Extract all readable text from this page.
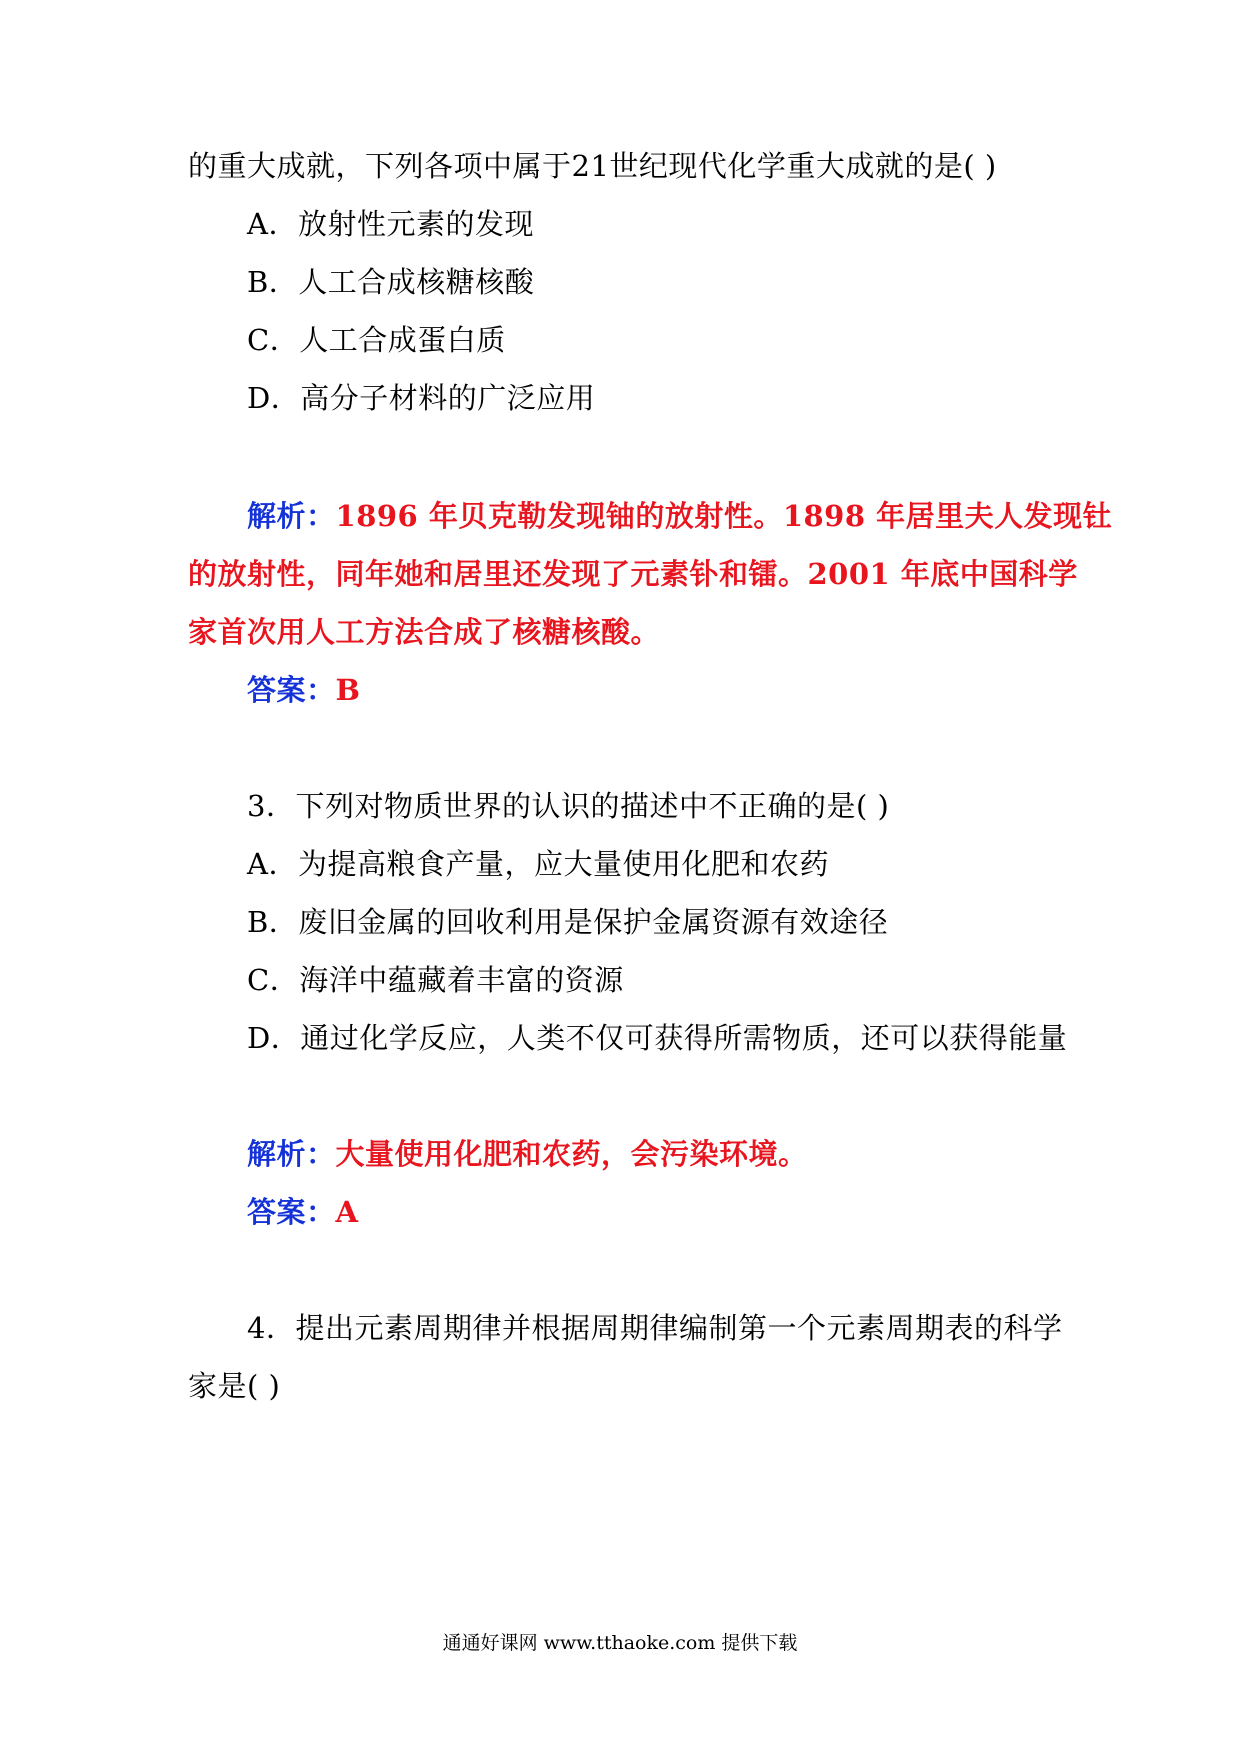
的重大成就，下列各项中属于21世纪现代化学重大成就的是( )
A．放射性元素的发现
B．人工合成核糖核酸
C．人工合成蛋白质
D．高分子材料的广泛应用
解析：1896 年贝克勒发现铀的放射性。1898 年居里夫人发现钍
的放射性，同年她和居里还发现了元素钋和镭。2001 年底中国科学
家首次用人工方法合成了核糖核酸。
答案：B
3．下列对物质世界的认识的描述中不正确的是( )
A．为提高粮食产量，应大量使用化肥和农药
B．废旧金属的回收利用是保护金属资源有效途径
C．海洋中蕴藏着丰富的资源
D．通过化学反应，人类不仅可获得所需物质，还可以获得能量
解析：大量使用化肥和农药，会污染环境。
答案：A
4．提出元素周期律并根据周期律编制第一个元素周期表的科学
家是( )
通通好课网 www.tthaoke.com 提供下载
